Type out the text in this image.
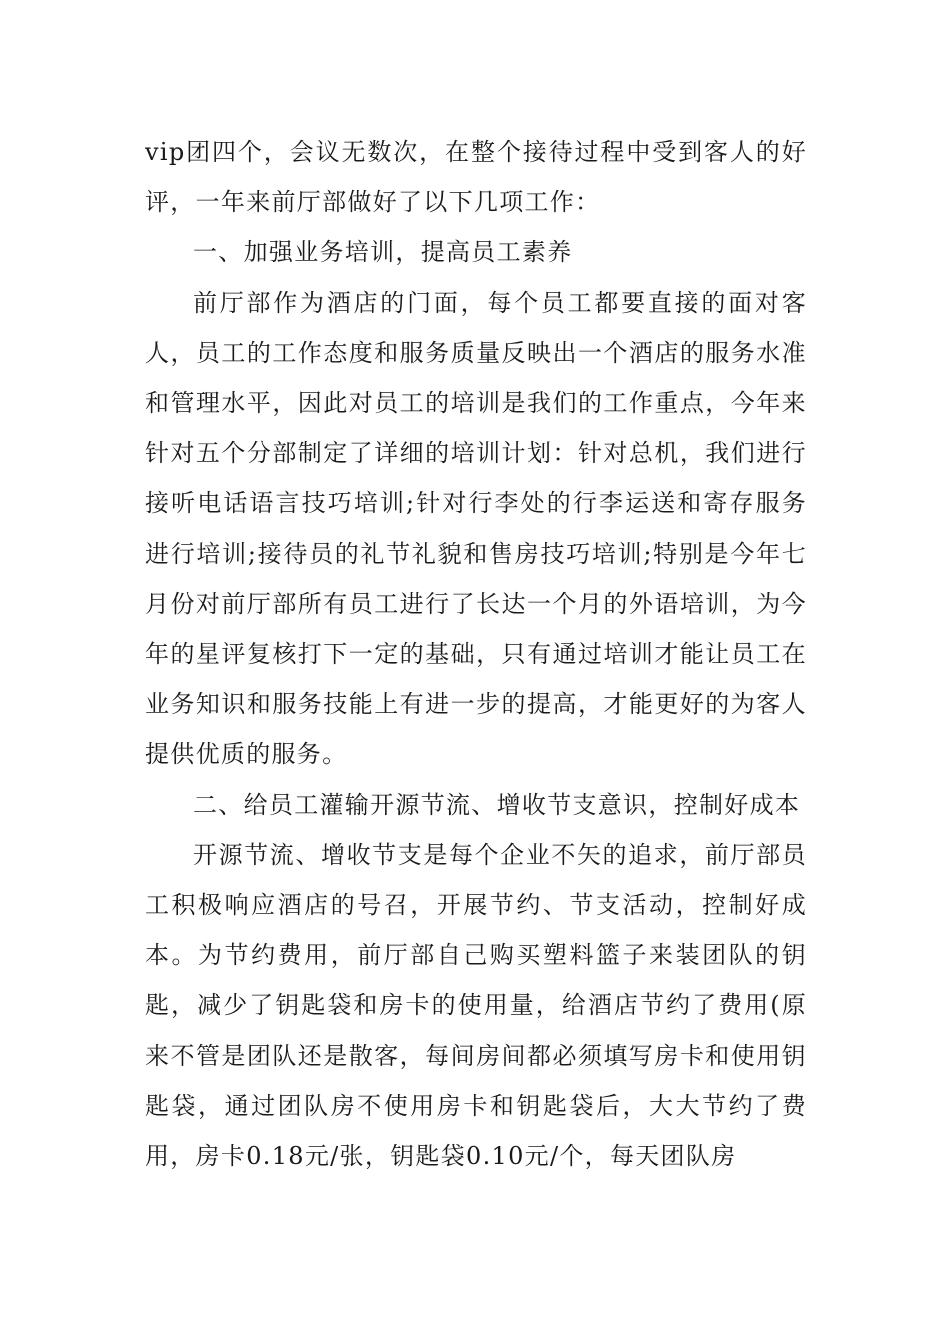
vip团四个，会议无数次，在整个接待过程中受到客人的好评，一年来前厅部做好了以下几项工作：

一、加强业务培训，提高员工素养

前厅部作为酒店的门面，每个员工都要直接的面对客人，员工的工作态度和服务质量反映出一个酒店的服务水准和管理水平，因此对员工的培训是我们的工作重点，今年来针对五个分部制定了详细的培训计划：针对总机，我们进行接听电话语言技巧培训;针对行李处的行李运送和寄存服务进行培训;接待员的礼节礼貌和售房技巧培训;特别是今年七月份对前厅部所有员工进行了长达一个月的外语培训，为今年的星评复核打下一定的基础，只有通过培训才能让员工在业务知识和服务技能上有进一步的提高，才能更好的为客人提供优质的服务。

二、给员工灌输开源节流、增收节支意识，控制好成本

开源节流、增收节支是每个企业不矢的追求，前厅部员工积极响应酒店的号召，开展节约、节支活动，控制好成本。为节约费用，前厅部自己购买塑料篮子来装团队的钥匙，减少了钥匙袋和房卡的使用量，给酒店节约了费用(原来不管是团队还是散客，每间房间都必须填写房卡和使用钥匙袋，通过团队房不使用房卡和钥匙袋后，大大节约了费用，房卡0.18元/张，钥匙袋0.10元/个，每天团队房
